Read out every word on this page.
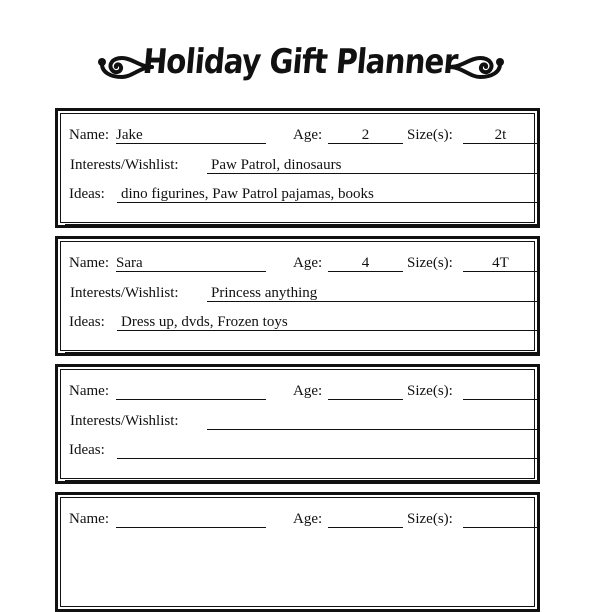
Holiday Gift Planner
Name: Jake	Age:	2	Size(s):	2t
Interests/Wishlist: Paw Patrol, dinosaurs
Ideas: dino figurines, Paw Patrol pajamas, books
Name: Sara	Age:	4	Size(s):	4T
Interests/Wishlist: Princess anything
Ideas: Dress up, dvds, Frozen toys
Name:	Age:	Size(s):
Interests/Wishlist:
Ideas:
Name:	Age:	Size(s):
